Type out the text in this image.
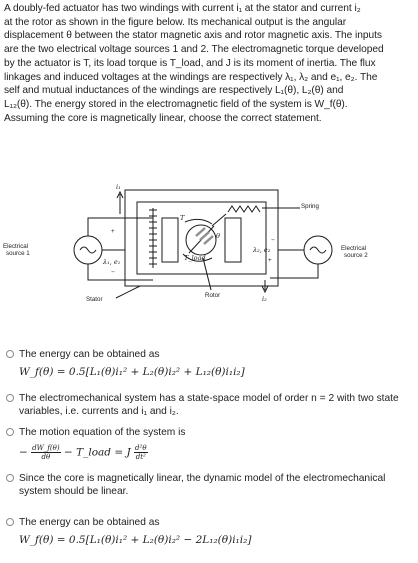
A doubly-fed actuator has two windings with current i₁ at the stator and current i₂
at the rotor as shown in the figure below. Its mechanical output is the angular
displacement θ between the stator magnetic axis and rotor magnetic axis. The inputs
are the two electrical voltage sources 1 and 2. The electromagnetic torque developed
by the actuator is T, its load torque is T_load, and J is its moment of inertia. The flux
linkages and induced voltages at the windings are respectively λ₁, λ₂ and e₁, e₂. The
self and mutual inductances of the windings are respectively L₁(θ), L₂(θ) and
L₁₂(θ). The energy stored in the electromagnetic field of the system is W_f(θ).
Assuming the core is magnetically linear, choose the correct statement.
i₁
Spring
Electrical
source 1
Electrical
source 2
λ₁, e₁
λ₂, e₂
T
T_load
θ
Stator
Rotor	i₂
+
−
+
−
The energy can be obtained as
W_f(θ) = 0.5[L₁(θ)i₁² + L₂(θ)i₂² + L₁₂(θ)i₁i₂]
The electromechanical system has a state-space model of order n = 2 with two state variables, i.e. currents and i₁ and i₂.
The motion equation of the system is
− $\frac{dW\_f(\theta)}{d\theta}$ − T_load = J $\frac{\text{d²θ}}{\text{dt²}}$
Since the core is magnetically linear, the dynamic model of the electromechanical system should be linear.
The energy can be obtained as
W_f(θ) = 0.5[L₁(θ)i₁² + L₂(θ)i₂² − 2L₁₂(θ)i₁i₂]
